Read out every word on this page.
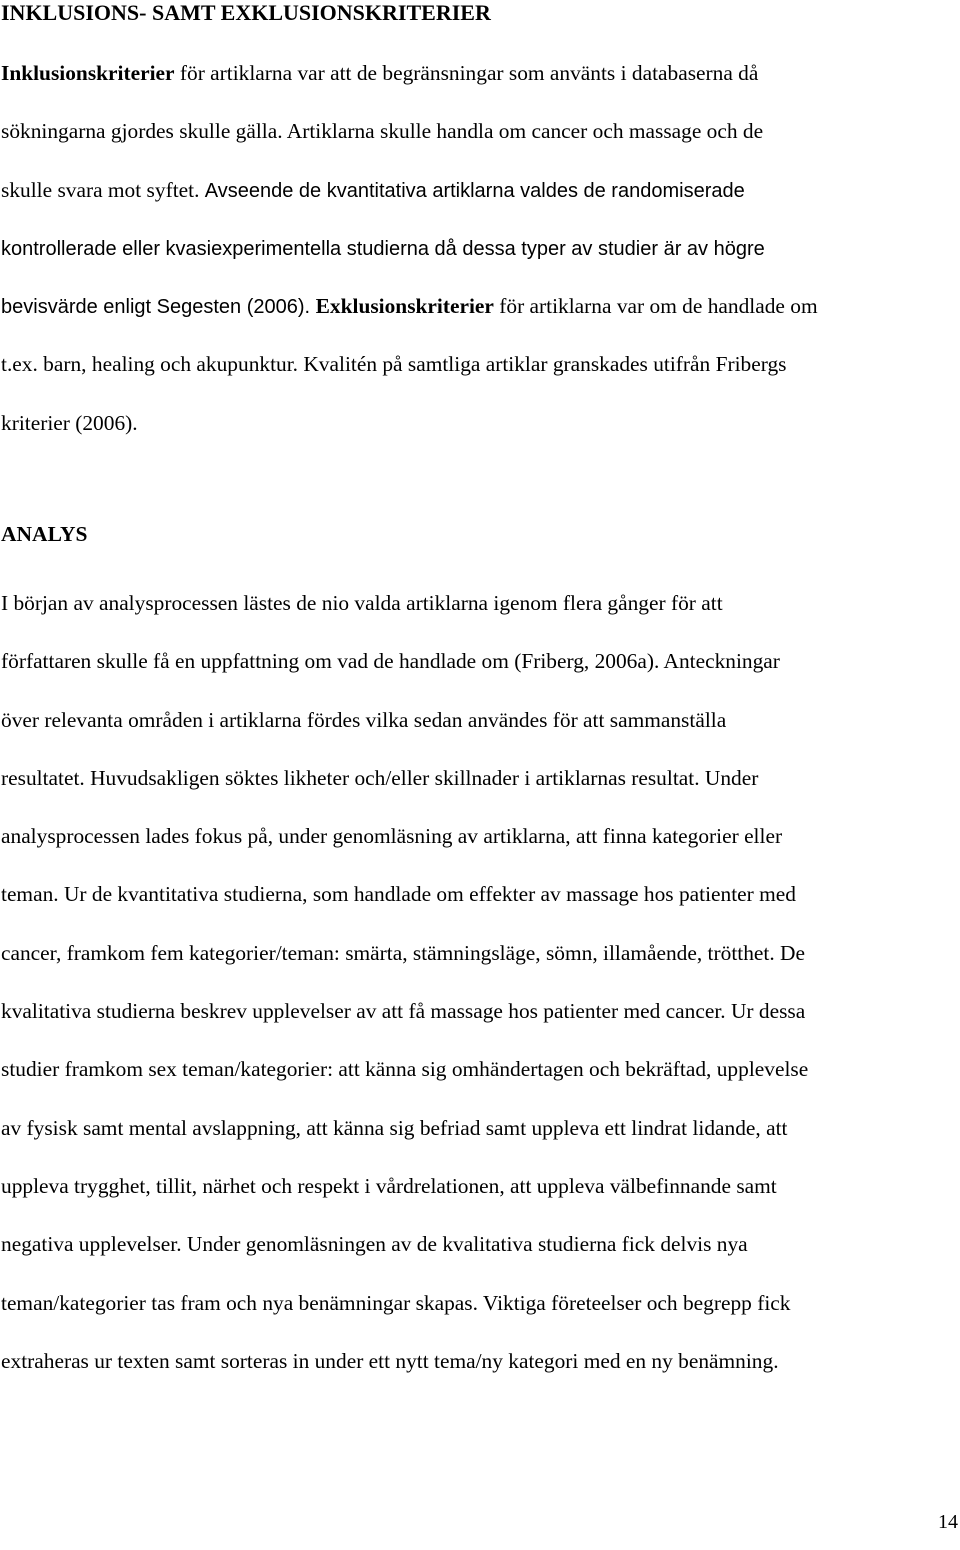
INKLUSIONS- SAMT EXKLUSIONSKRITERIER
Inklusionskriterier för artiklarna var att de begränsningar som använts i databaserna då
sökningarna gjordes skulle gälla. Artiklarna skulle handla om cancer och massage och de
skulle svara mot syftet. Avseende de kvantitativa artiklarna valdes de randomiserade
kontrollerade eller kvasiexperimentella studierna då dessa typer av studier är av högre
bevisvärde enligt Segesten (2006). Exklusionskriterier för artiklarna var om de handlade om
t.ex. barn, healing och akupunktur. Kvalitén på samtliga artiklar granskades utifrån Fribergs
kriterier (2006).
ANALYS
I början av analysprocessen lästes de nio valda artiklarna igenom flera gånger för att
författaren skulle få en uppfattning om vad de handlade om (Friberg, 2006a). Anteckningar
över relevanta områden i artiklarna fördes vilka sedan användes för att sammanställa
resultatet. Huvudsakligen söktes likheter och/eller skillnader i artiklarnas resultat. Under
analysprocessen lades fokus på, under genomläsning av artiklarna, att finna kategorier eller
teman. Ur de kvantitativa studierna, som handlade om effekter av massage hos patienter med
cancer, framkom fem kategorier/teman: smärta, stämningsläge, sömn, illamående, trötthet. De
kvalitativa studierna beskrev upplevelser av att få massage hos patienter med cancer. Ur dessa
studier framkom sex teman/kategorier: att känna sig omhändertagen och bekräftad, upplevelse
av fysisk samt mental avslappning, att känna sig befriad samt uppleva ett lindrat lidande, att
uppleva trygghet, tillit, närhet och respekt i vårdrelationen, att uppleva välbefinnande samt
negativa upplevelser. Under genomläsningen av de kvalitativa studierna fick delvis nya
teman/kategorier tas fram och nya benämningar skapas. Viktiga företeelser och begrepp fick
extraheras ur texten samt sorteras in under ett nytt tema/ny kategori med en ny benämning.
14
